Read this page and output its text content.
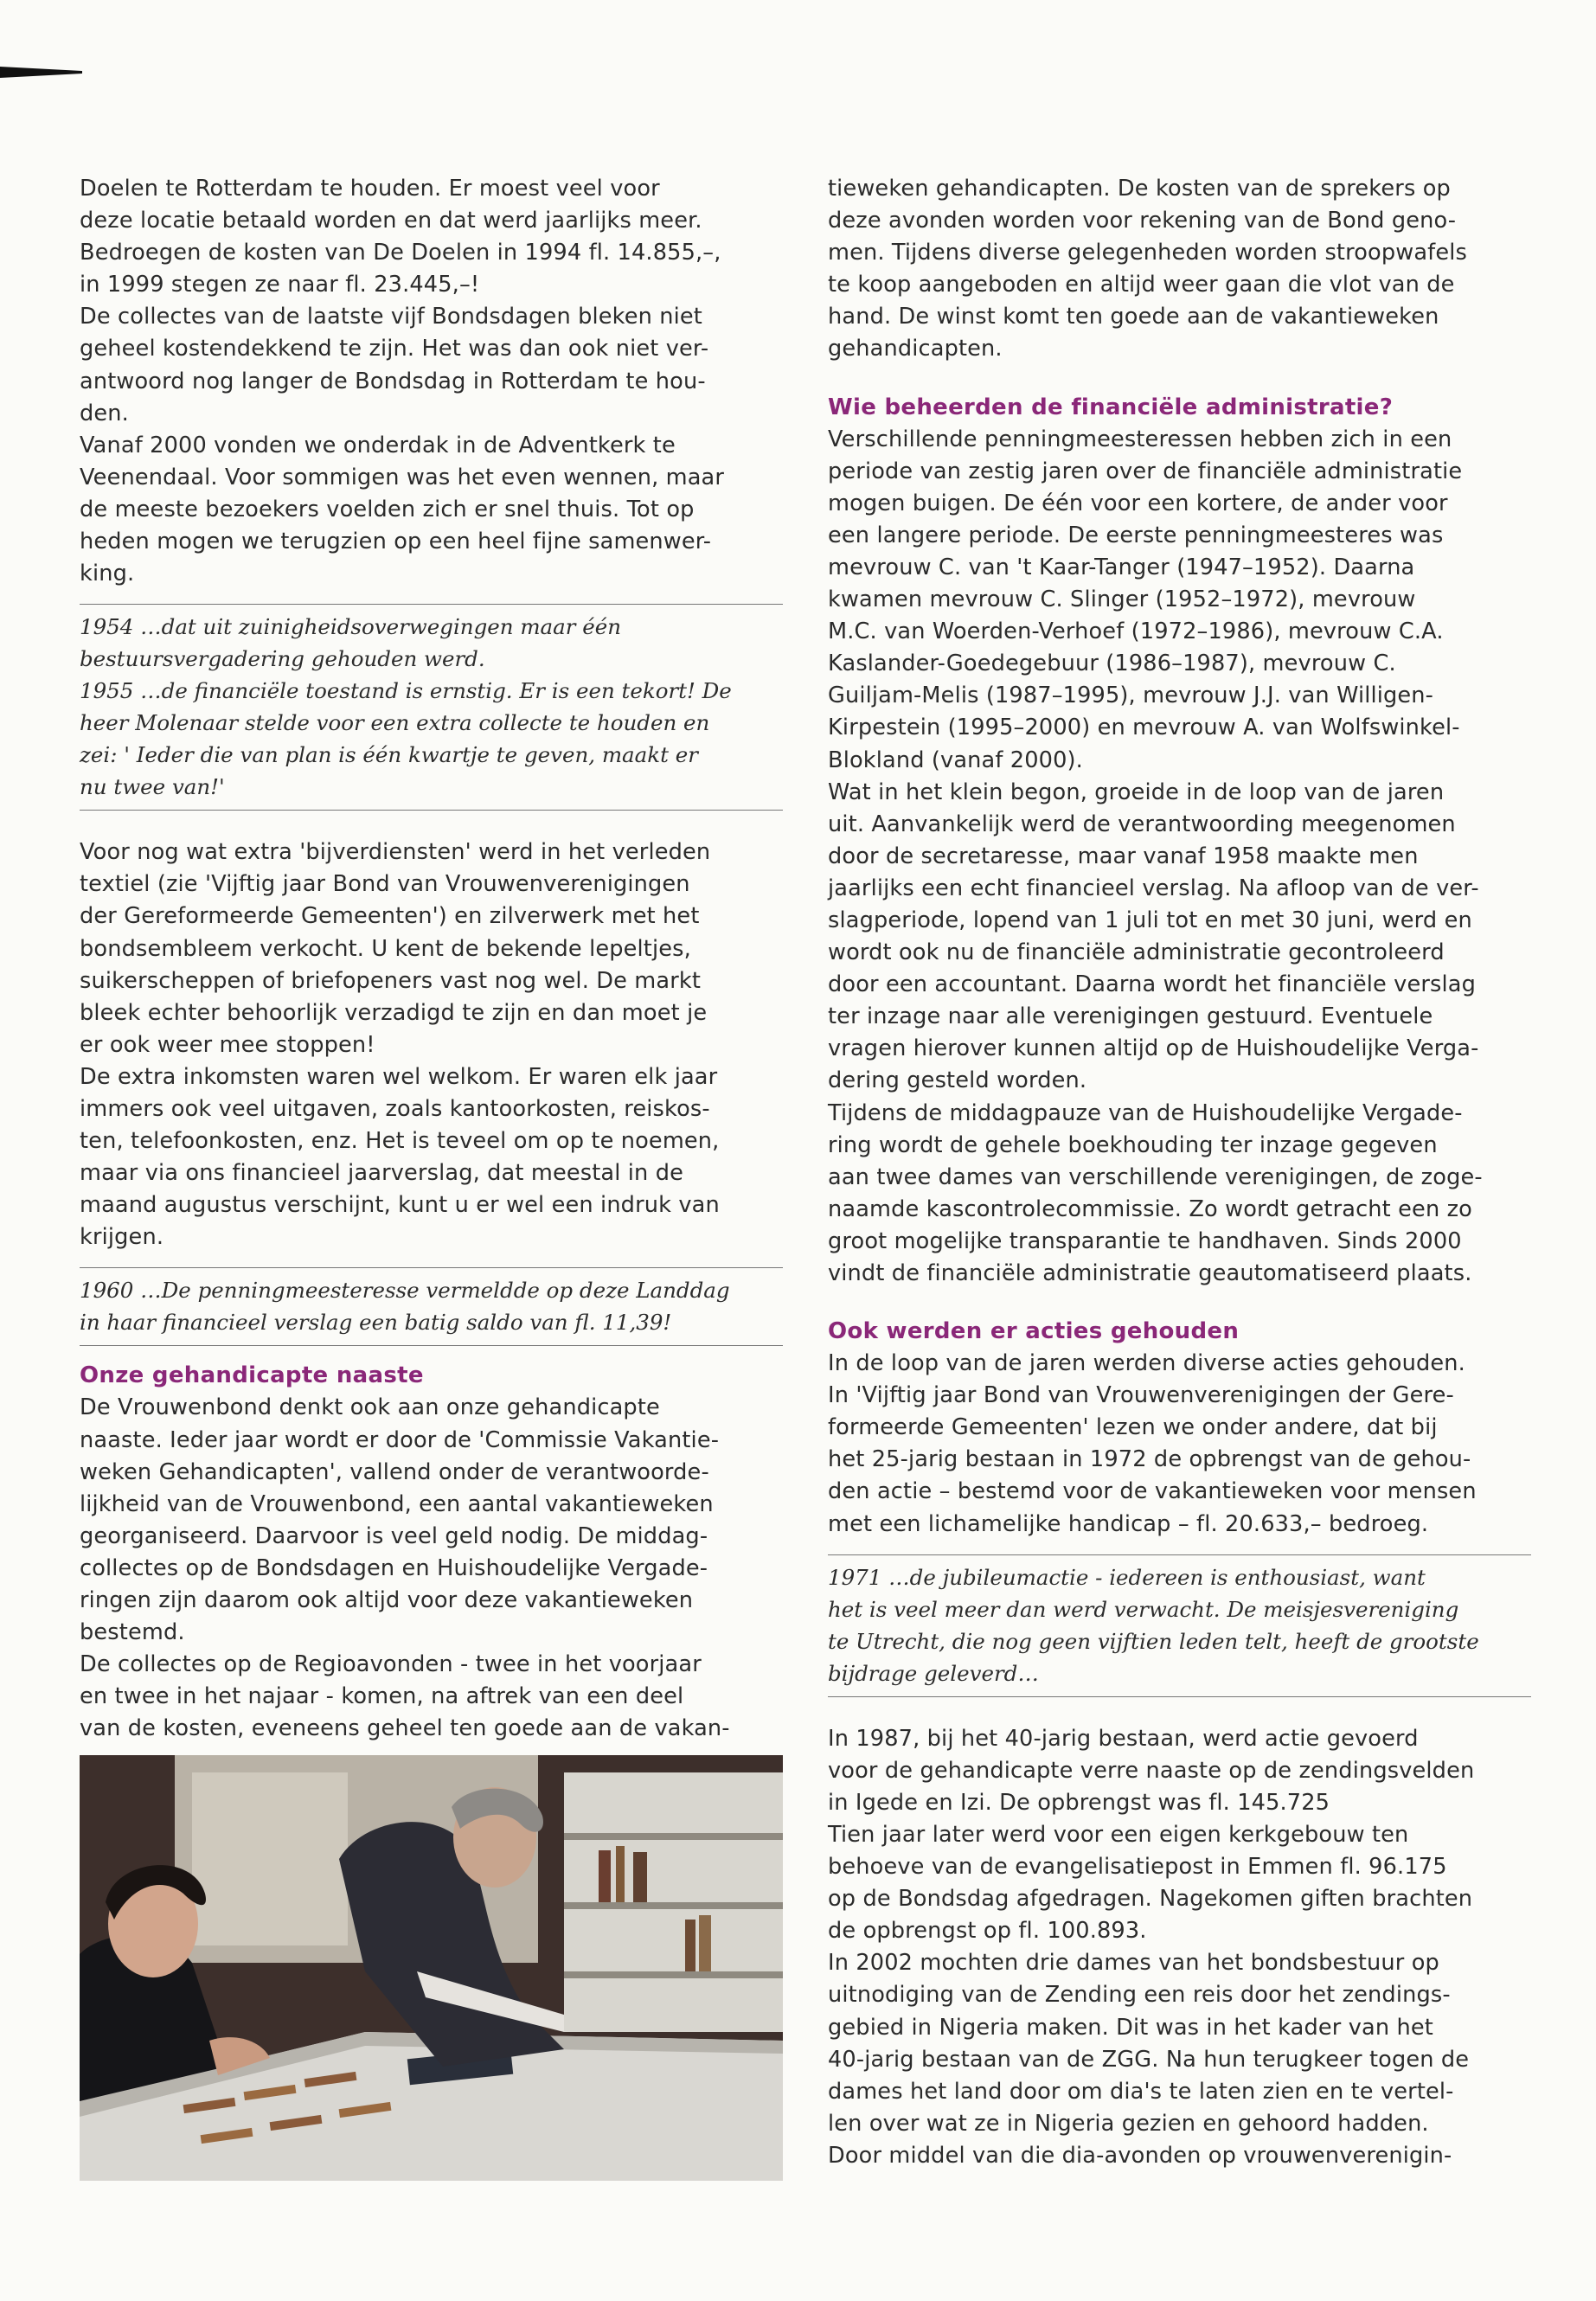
Doelen te Rotterdam te houden. Er moest veel voor

deze locatie betaald worden en dat werd jaarlijks meer.

Bedroegen de kosten van De Doelen in 1994 fl. 14.855,–,

in 1999 stegen ze naar fl. 23.445,–!

De collectes van de laatste vijf Bondsdagen bleken niet

geheel kostendekkend te zijn. Het was dan ook niet ver-

antwoord nog langer de Bondsdag in Rotterdam te hou-

den.

Vanaf 2000 vonden we onderdak in de Adventkerk te

Veenendaal. Voor sommigen was het even wennen, maar

de meeste bezoekers voelden zich er snel thuis. Tot op

heden mogen we terugzien op een heel fijne samenwer-

king.

1954 …dat uit zuinigheidsoverwegingen maar één

bestuursvergadering gehouden werd.

1955 …de financiële toestand is ernstig. Er is een tekort! De

heer Molenaar stelde voor een extra collecte te houden en

zei: ' Ieder die van plan is één kwartje te geven, maakt er

nu twee van!'

Voor nog wat extra 'bijverdiensten' werd in het verleden

textiel (zie 'Vijftig jaar Bond van Vrouwenverenigingen

der Gereformeerde Gemeenten') en zilverwerk met het

bondsembleem verkocht. U kent de bekende lepeltjes,

suikerscheppen of briefopeners vast nog wel. De markt

bleek echter behoorlijk verzadigd te zijn en dan moet je

er ook weer mee stoppen!

De extra inkomsten waren wel welkom. Er waren elk jaar

immers ook veel uitgaven, zoals kantoorkosten, reiskos-

ten, telefoonkosten, enz. Het is teveel om op te noemen,

maar via ons financieel jaarverslag, dat meestal in de

maand augustus verschijnt, kunt u er wel een indruk van

krijgen.

1960 …De penningmeesteresse vermeldde op deze Landdag

in haar financieel verslag een batig saldo van fl. 11,39!

Onze gehandicapte naaste

De Vrouwenbond denkt ook aan onze gehandicapte

naaste. Ieder jaar wordt er door de 'Commissie Vakantie-

weken Gehandicapten', vallend onder de verantwoorde-

lijkheid van de Vrouwenbond, een aantal vakantieweken

georganiseerd. Daarvoor is veel geld nodig. De middag-

collectes op de Bondsdagen en Huishoudelijke Vergade-

ringen zijn daarom ook altijd voor deze vakantieweken

bestemd.

De collectes op de Regioavonden - twee in het voorjaar

en twee in het najaar - komen, na aftrek van een deel

van de kosten, eveneens geheel ten goede aan de vakan-

tieweken gehandicapten. De kosten van de sprekers op

deze avonden worden voor rekening van de Bond geno-

men. Tijdens diverse gelegenheden worden stroopwafels

te koop aangeboden en altijd weer gaan die vlot van de

hand. De winst komt ten goede aan de vakantieweken

gehandicapten.

Wie beheerden de financiële administratie?

Verschillende penningmeesteressen hebben zich in een

periode van zestig jaren over de financiële administratie

mogen buigen. De één voor een kortere, de ander voor

een langere periode. De eerste penningmeesteres was

mevrouw C. van 't Kaar-Tanger (1947–1952). Daarna

kwamen mevrouw C. Slinger (1952–1972), mevrouw

M.C. van Woerden-Verhoef (1972–1986), mevrouw C.A.

Kaslander-Goedegebuur (1986–1987), mevrouw C.

Guiljam-Melis (1987–1995), mevrouw J.J. van Willigen-

Kirpestein (1995–2000) en mevrouw A. van Wolfswinkel-

Blokland (vanaf 2000).

Wat in het klein begon, groeide in de loop van de jaren

uit. Aanvankelijk werd de verantwoording meegenomen

door de secretaresse, maar vanaf 1958 maakte men

jaarlijks een echt financieel verslag. Na afloop van de ver-

slagperiode, lopend van 1 juli tot en met 30 juni, werd en

wordt ook nu de financiële administratie gecontroleerd

door een accountant. Daarna wordt het financiële verslag

ter inzage naar alle verenigingen gestuurd. Eventuele

vragen hierover kunnen altijd op de Huishoudelijke Verga-

dering gesteld worden.

Tijdens de middagpauze van de Huishoudelijke Vergade-

ring wordt de gehele boekhouding ter inzage gegeven

aan twee dames van verschillende verenigingen, de zoge-

naamde kascontrolecommissie. Zo wordt getracht een zo

groot mogelijke transparantie te handhaven. Sinds 2000

vindt de financiële administratie geautomatiseerd plaats.

Ook werden er acties gehouden

In de loop van de jaren werden diverse acties gehouden.

In 'Vijftig jaar Bond van Vrouwenverenigingen der Gere-

formeerde Gemeenten' lezen we onder andere, dat bij

het 25-jarig bestaan in 1972 de opbrengst van de gehou-

den actie – bestemd voor de vakantieweken voor mensen

met een lichamelijke handicap – fl. 20.633,– bedroeg.

1971 …de jubileumactie - iedereen is enthousiast, want

het is veel meer dan werd verwacht. De meisjesvereniging

te Utrecht, die nog geen vijftien leden telt, heeft de grootste

bijdrage geleverd…

In 1987, bij het 40-jarig bestaan, werd actie gevoerd

voor de gehandicapte verre naaste op de zendingsvelden

in Igede en Izi. De opbrengst was fl. 145.725

Tien jaar later werd voor een eigen kerkgebouw ten

behoeve van de evangelisatiepost in Emmen fl. 96.175

op de Bondsdag afgedragen. Nagekomen giften brachten

de opbrengst op fl. 100.893.

In 2002 mochten drie dames van het bondsbestuur op

uitnodiging van de Zending een reis door het zendings-

gebied in Nigeria maken. Dit was in het kader van het

40-jarig bestaan van de ZGG. Na hun terugkeer togen de

dames het land door om dia's te laten zien en te vertel-

len over wat ze in Nigeria gezien en gehoord hadden.

Door middel van die dia-avonden op vrouwenverenigin-
